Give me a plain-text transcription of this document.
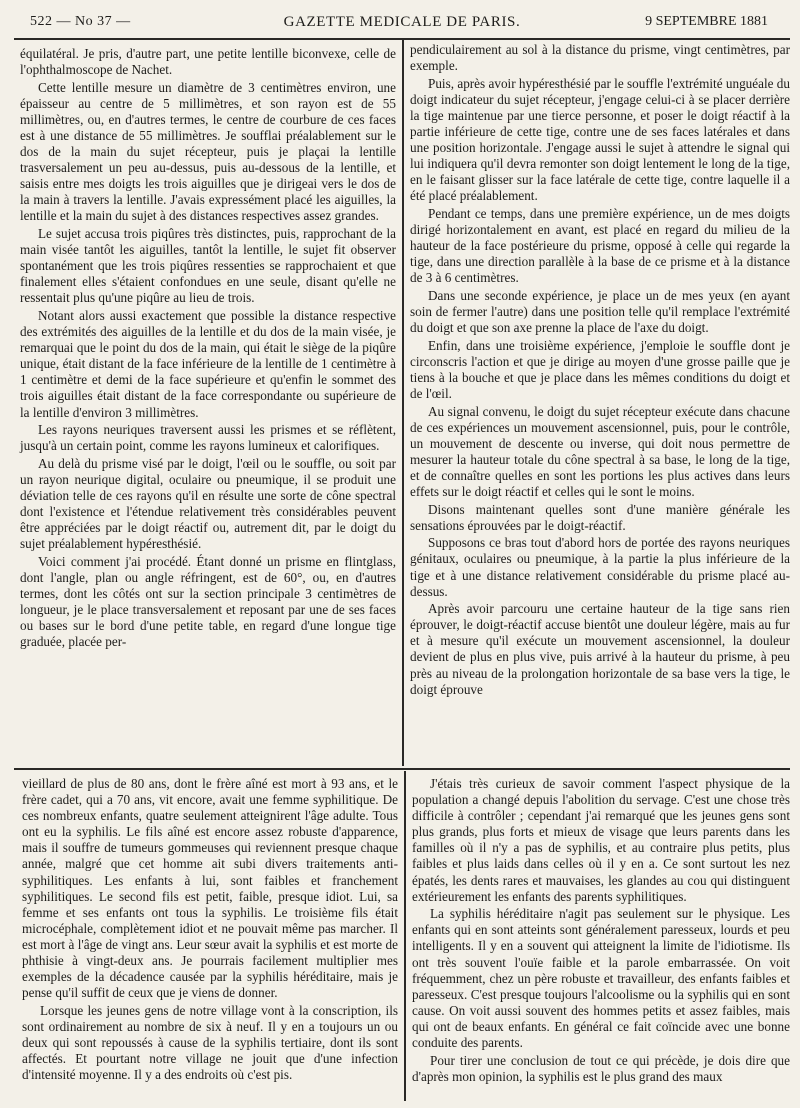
522 — No 37 —	GAZETTE MEDICALE DE PARIS.	9 SEPTEMBRE 1881

équilatéral. Je pris, d'autre part, une petite lentille biconvexe, celle de l'ophthalmoscope de Nachet.

Cette lentille mesure un diamètre de 3 centimètres environ, une épaisseur au centre de 5 millimètres, et son rayon est de 55 millimètres, ou, en d'autres termes, le centre de courbure de ces faces est à une distance de 55 millimètres. Je soufflai préalablement sur le dos de la main du sujet récepteur, puis je plaçai la lentille trasversalement un peu au-dessus, puis au-dessous de la lentille, et saisis entre mes doigts les trois aiguilles que je dirigeai vers le dos de la main à travers la lentille. J'avais expressément placé les aiguilles, la lentille et la main du sujet à des distances respectives assez grandes.

Le sujet accusa trois piqûres très distinctes, puis, rapprochant de la main visée tantôt les aiguilles, tantôt la lentille, le sujet fit observer spontanément que les trois piqûres ressenties se rapprochaient et que finalement elles s'étaient confondues en une seule, disant qu'elle ne ressentait plus qu'une piqûre au lieu de trois.

Notant alors aussi exactement que possible la distance respective des extrémités des aiguilles de la lentille et du dos de la main visée, je remarquai que le point du dos de la main, qui était le siège de la piqûre unique, était distant de la face inférieure de la lentille de 1 centimètre à 1 centimètre et demi de la face supérieure et qu'enfin le sommet des trois aiguilles était distant de la face correspondante ou supérieure de la lentille d'environ 3 millimètres.

Les rayons neuriques traversent aussi les prismes et se réflètent, jusqu'à un certain point, comme les rayons lumineux et calorifiques.

Au delà du prisme visé par le doigt, l'œil ou le souffle, ou soit par un rayon neurique digital, oculaire ou pneumique, il se produit une déviation telle de ces rayons qu'il en résulte une sorte de cône spectral dont l'existence et l'étendue relativement très considérables peuvent être appréciées par le doigt réactif ou, autrement dit, par le doigt du sujet préalablement hypéresthésié.

Voici comment j'ai procédé. Étant donné un prisme en flintglass, dont l'angle, plan ou angle réfringent, est de 60°, ou, en d'autres termes, dont les côtés ont sur la section principale 3 centimètres de longueur, je le place transversalement et reposant par une de ses faces ou bases sur le bord d'une petite table, en regard d'une longue tige graduée, placée per-

pendiculairement au sol à la distance du prisme, vingt centimètres, par exemple.

Puis, après avoir hypéresthésié par le souffle l'extrémité unguéale du doigt indicateur du sujet récepteur, j'engage celui-ci à se placer derrière la tige maintenue par une tierce personne, et poser le doigt réactif à la partie inférieure de cette tige, contre une de ses faces latérales et dans une position horizontale. J'engage aussi le sujet à attendre le signal qui lui indiquera qu'il devra remonter son doigt lentement le long de la tige, en le faisant glisser sur la face latérale de cette tige, contre laquelle il a été placé préalablement.

Pendant ce temps, dans une première expérience, un de mes doigts dirigé horizontalement en avant, est placé en regard du milieu de la hauteur de la face postérieure du prisme, opposé à celle qui regarde la tige, dans une direction parallèle à la base de ce prisme et à la distance de 3 à 6 centimètres.

Dans une seconde expérience, je place un de mes yeux (en ayant soin de fermer l'autre) dans une position telle qu'il remplace l'extrémité du doigt et que son axe prenne la place de l'axe du doigt.

Enfin, dans une troisième expérience, j'emploie le souffle dont je circonscris l'action et que je dirige au moyen d'une grosse paille que je tiens à la bouche et que je place dans les mêmes conditions du doigt et de l'œil.

Au signal convenu, le doigt du sujet récepteur exécute dans chacune de ces expériences un mouvement ascensionnel, puis, pour le contrôle, un mouvement de descente ou inverse, qui doit nous permettre de mesurer la hauteur totale du cône spectral à sa base, le long de la tige, et de connaître quelles en sont les portions les plus actives dans leurs effets sur le doigt réactif et celles qui le sont le moins.

Disons maintenant quelles sont d'une manière générale les sensations éprouvées par le doigt-réactif.

Supposons ce bras tout d'abord hors de portée des rayons neuriques génitaux, oculaires ou pneumique, à la partie la plus inférieure de la tige et à une distance relativement considérable du prisme placé au-dessus.

Après avoir parcouru une certaine hauteur de la tige sans rien éprouver, le doigt-réactif accuse bientôt une douleur légère, mais au fur et à mesure qu'il exécute un mouvement ascensionnel, la douleur devient de plus en plus vive, puis arrivé à la hauteur du prisme, à peu près au niveau de la prolongation horizontale de sa base vers la tige, le doigt éprouve

vieillard de plus de 80 ans, dont le frère aîné est mort à 93 ans, et le frère cadet, qui a 70 ans, vit encore, avait une femme syphilitique. De ces nombreux enfants, quatre seulement atteignirent l'âge adulte. Tous ont eu la syphilis. Le fils aîné est encore assez robuste d'apparence, mais il souffre de tumeurs gommeuses qui reviennent presque chaque année, malgré que cet homme ait subi divers traitements anti-syphilitiques. Les enfants à lui, sont faibles et franchement syphilitiques. Le second fils est petit, faible, presque idiot. Lui, sa femme et ses enfants ont tous la syphilis. Le troisième fils était microcéphale, complètement idiot et ne pouvait même pas marcher. Il est mort à l'âge de vingt ans. Leur sœur avait la syphilis et est morte de phthisie à vingt-deux ans. Je pourrais facilement multiplier mes exemples de la décadence causée par la syphilis héréditaire, mais je pense qu'il suffit de ceux que je viens de donner.

Lorsque les jeunes gens de notre village vont à la conscription, ils sont ordinairement au nombre de six à neuf. Il y en a toujours un ou deux qui sont repoussés à cause de la syphilis tertiaire, dont ils sont affectés. Et pourtant notre village ne jouit que d'une infection d'intensité moyenne. Il y a des endroits où c'est pis.

J'étais très curieux de savoir comment l'aspect physique de la population a changé depuis l'abolition du servage. C'est une chose très difficile à contrôler ; cependant j'ai remarqué que les jeunes gens sont plus grands, plus forts et mieux de visage que leurs parents dans les familles où il n'y a pas de syphilis, et au contraire plus petits, plus faibles et plus laids dans celles où il y en a. Ce sont surtout les nez épatés, les dents rares et mauvaises, les glandes au cou qui distinguent extérieurement les enfants des parents syphilitiques.

La syphilis héréditaire n'agit pas seulement sur le physique. Les enfants qui en sont atteints sont généralement paresseux, lourds et peu intelligents. Il y en a souvent qui atteignent la limite de l'idiotisme. Ils ont très souvent l'ouïe faible et la parole embarrassée. On voit fréquemment, chez un père robuste et travailleur, des enfants faibles et paresseux. C'est presque toujours l'alcoolisme ou la syphilis qui en sont cause. On voit aussi souvent des hommes petits et assez faibles, mais qui ont de beaux enfants. En général ce fait coïncide avec une bonne conduite des parents.

Pour tirer une conclusion de tout ce qui précède, je dois dire que d'après mon opinion, la syphilis est le plus grand des maux
